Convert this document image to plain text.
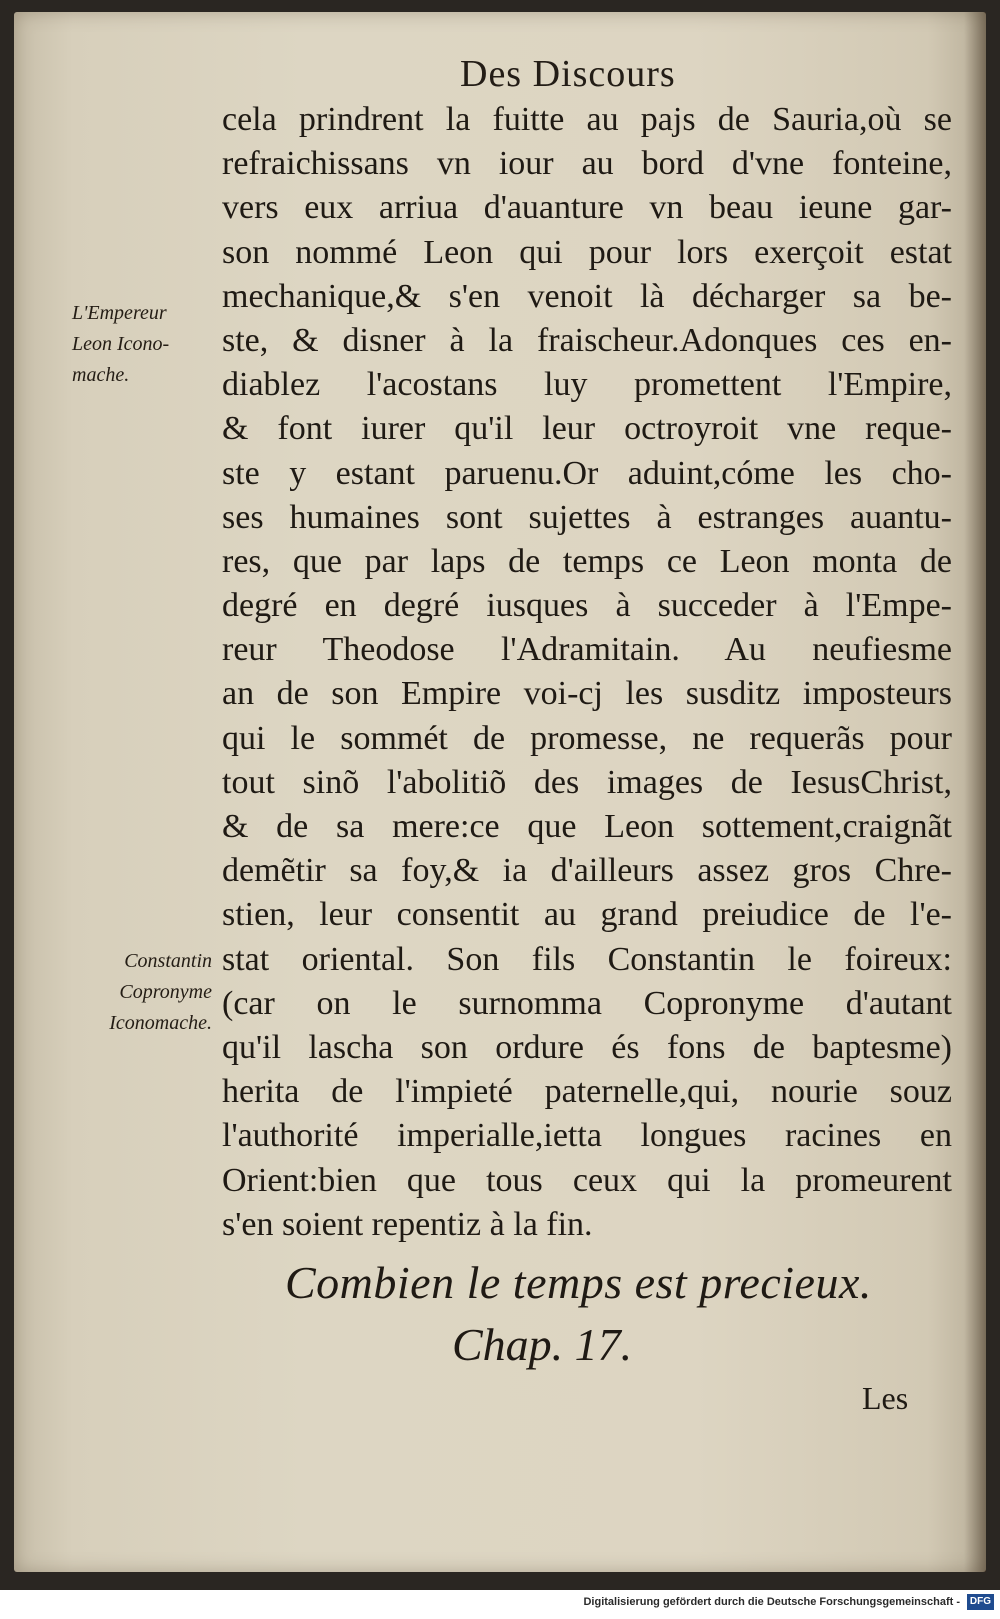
Des Discours
cela prindrent la fuitte au pajs de Sauria,où se
refraichissans vn iour au bord d'vne fonteine,
vers eux arriua d'auanture vn beau ieune gar-
son nommé Leon qui pour lors exerçoit estat
mechanique,& s'en venoit là décharger sa be-
ste, & disner à la fraischeur.Adonques ces en-
diablez l'acostans luy promettent l'Empire,
& font iurer qu'il leur octroyroit vne reque-
ste y estant paruenu.Or aduint,cóme les cho-
ses humaines sont sujettes à estranges auantu-
res, que par laps de temps ce Leon monta de
degré en degré iusques à succeder à l'Empe-
reur Theodose l'Adramitain. Au neufiesme
an de son Empire voi-cj les susditz imposteurs
qui le sommét de promesse, ne requerãs pour
tout sinõ l'abolitiõ des images de IesusChrist,
& de sa mere:ce que Leon sottement,craignãt
demẽtir sa foy,& ia d'ailleurs assez gros Chre-
stien, leur consentit au grand preiudice de l'e-
stat oriental. Son fils Constantin le foireux:
(car on le surnomma Copronyme d'autant
qu'il lascha son ordure és fons de baptesme)
herita de l'impieté paternelle,qui, nourie souz
l'authorité imperialle,ietta longues racines en
Orient:bien que tous ceux qui la promeurent
s'en soient repentiz à la fin.
L'Empereur
Leon Icono-
mache.
Constantin
Copronyme
Iconomache.
Combien le temps est precieux.
Chap. 17.
Les
Digitalisierung gefördert durch die Deutsche Forschungsgemeinschaft - DFG
